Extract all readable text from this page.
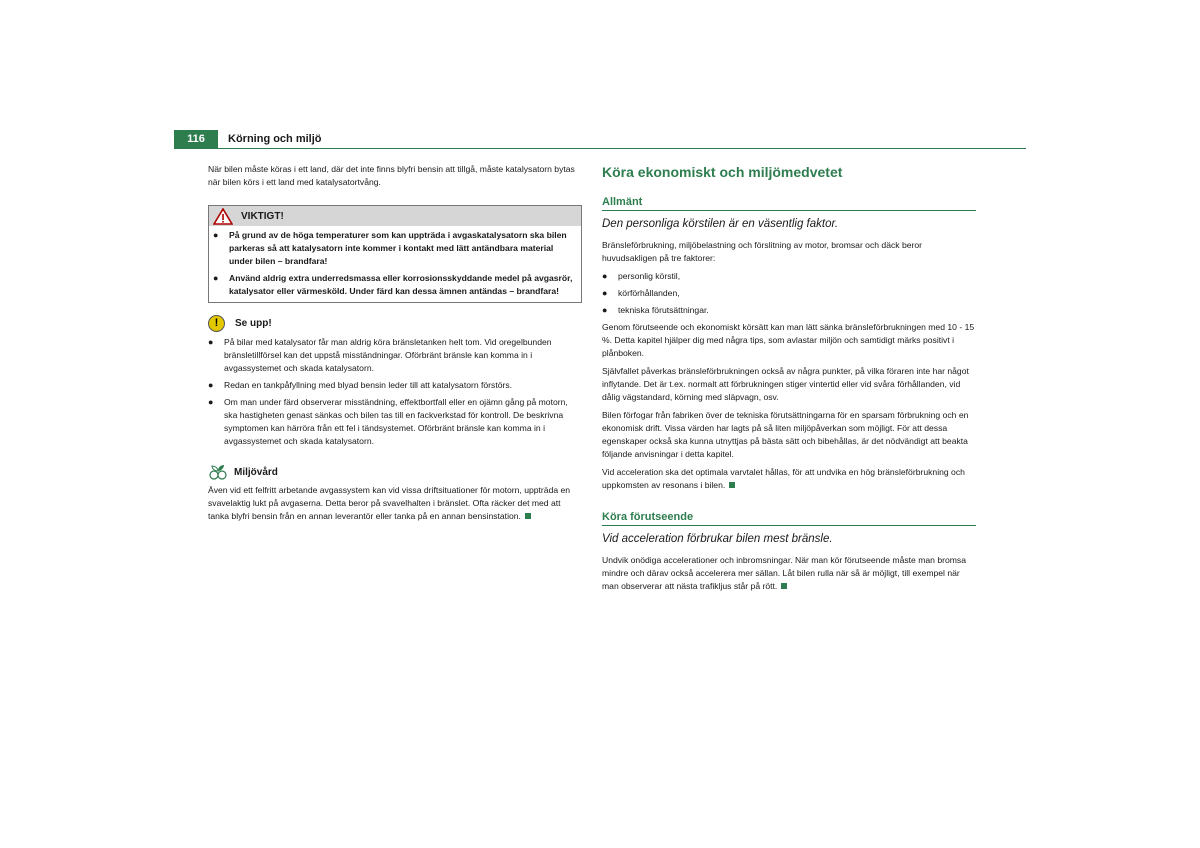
116	Körning och miljö

När bilen måste köras i ett land, där det inte finns blyfri bensin att tillgå, måste katalysatorn bytas när bilen körs i ett land med katalysatortvång.

VIKTIGT!
● På grund av de höga temperaturer som kan uppträda i avgaskatalysatorn ska bilen parkeras så att katalysatorn inte kommer i kontakt med lätt antändbara material under bilen – brandfara!
● Använd aldrig extra underredsmassa eller korrosionsskyddande medel på avgasrör, katalysator eller värmesköld. Under färd kan dessa ämnen antändas – brandfara!
!	Se upp!
● På bilar med katalysator får man aldrig köra bränsletanken helt tom. Vid oregelbunden bränsletillförsel kan det uppstå misständningar. Oförbränt bränsle kan komma in i avgassystemet och skada katalysatorn.
● Redan en tankpåfyllning med blyad bensin leder till att katalysatorn förstörs.
● Om man under färd observerar misständning, effektbortfall eller en ojämn gång på motorn, ska hastigheten genast sänkas och bilen tas till en fackverkstad för kontroll. De beskrivna symptomen kan härröra från ett fel i tändsystemet. Oförbränt bränsle kan komma in i avgassystemet och skada katalysatorn.
Miljövård

Även vid ett felfritt arbetande avgassystem kan vid vissa driftsituationer för motorn, uppträda en svavelaktig lukt på avgaserna. Detta beror på svavelhalten i bränslet. Ofta räcker det med att tanka blyfri bensin från en annan leverantör eller tanka på en annan bensinstation.

Köra ekonomiskt och miljömedvetet
Allmänt
Den personliga körstilen är en väsentlig faktor.

Bränsleförbrukning, miljöbelastning och förslitning av motor, bromsar och däck beror huvudsakligen på tre faktorer:

● personlig körstil,
● körförhållanden,
● tekniska förutsättningar.

Genom förutseende och ekonomiskt körsätt kan man lätt sänka bränsleförbrukningen med 10 - 15 %. Detta kapitel hjälper dig med några tips, som avlastar miljön och samtidigt märks positivt i plånboken.

Självfallet påverkas bränsleförbrukningen också av några punkter, på vilka föraren inte har något inflytande. Det är t.ex. normalt att förbrukningen stiger vintertid eller vid svåra förhållanden, vid dålig vägstandard, körning med släpvagn, osv.

Bilen förfogar från fabriken över de tekniska förutsättningarna för en sparsam förbrukning och en ekonomisk drift. Vissa värden har lagts på så liten miljöpåverkan som möjligt. För att dessa egenskaper också ska kunna utnyttjas på bästa sätt och bibehållas, är det nödvändigt att beakta följande anvisningar i detta kapitel.

Vid acceleration ska det optimala varvtalet hållas, för att undvika en hög bränsleförbrukning och uppkomsten av resonans i bilen.

Köra förutseende
Vid acceleration förbrukar bilen mest bränsle.

Undvik onödiga accelerationer och inbromsningar. När man kör förutseende måste man bromsa mindre och därav också accelerera mer sällan. Låt bilen rulla när så är möjligt, till exempel när man observerar att nästa trafikljus står på rött.
